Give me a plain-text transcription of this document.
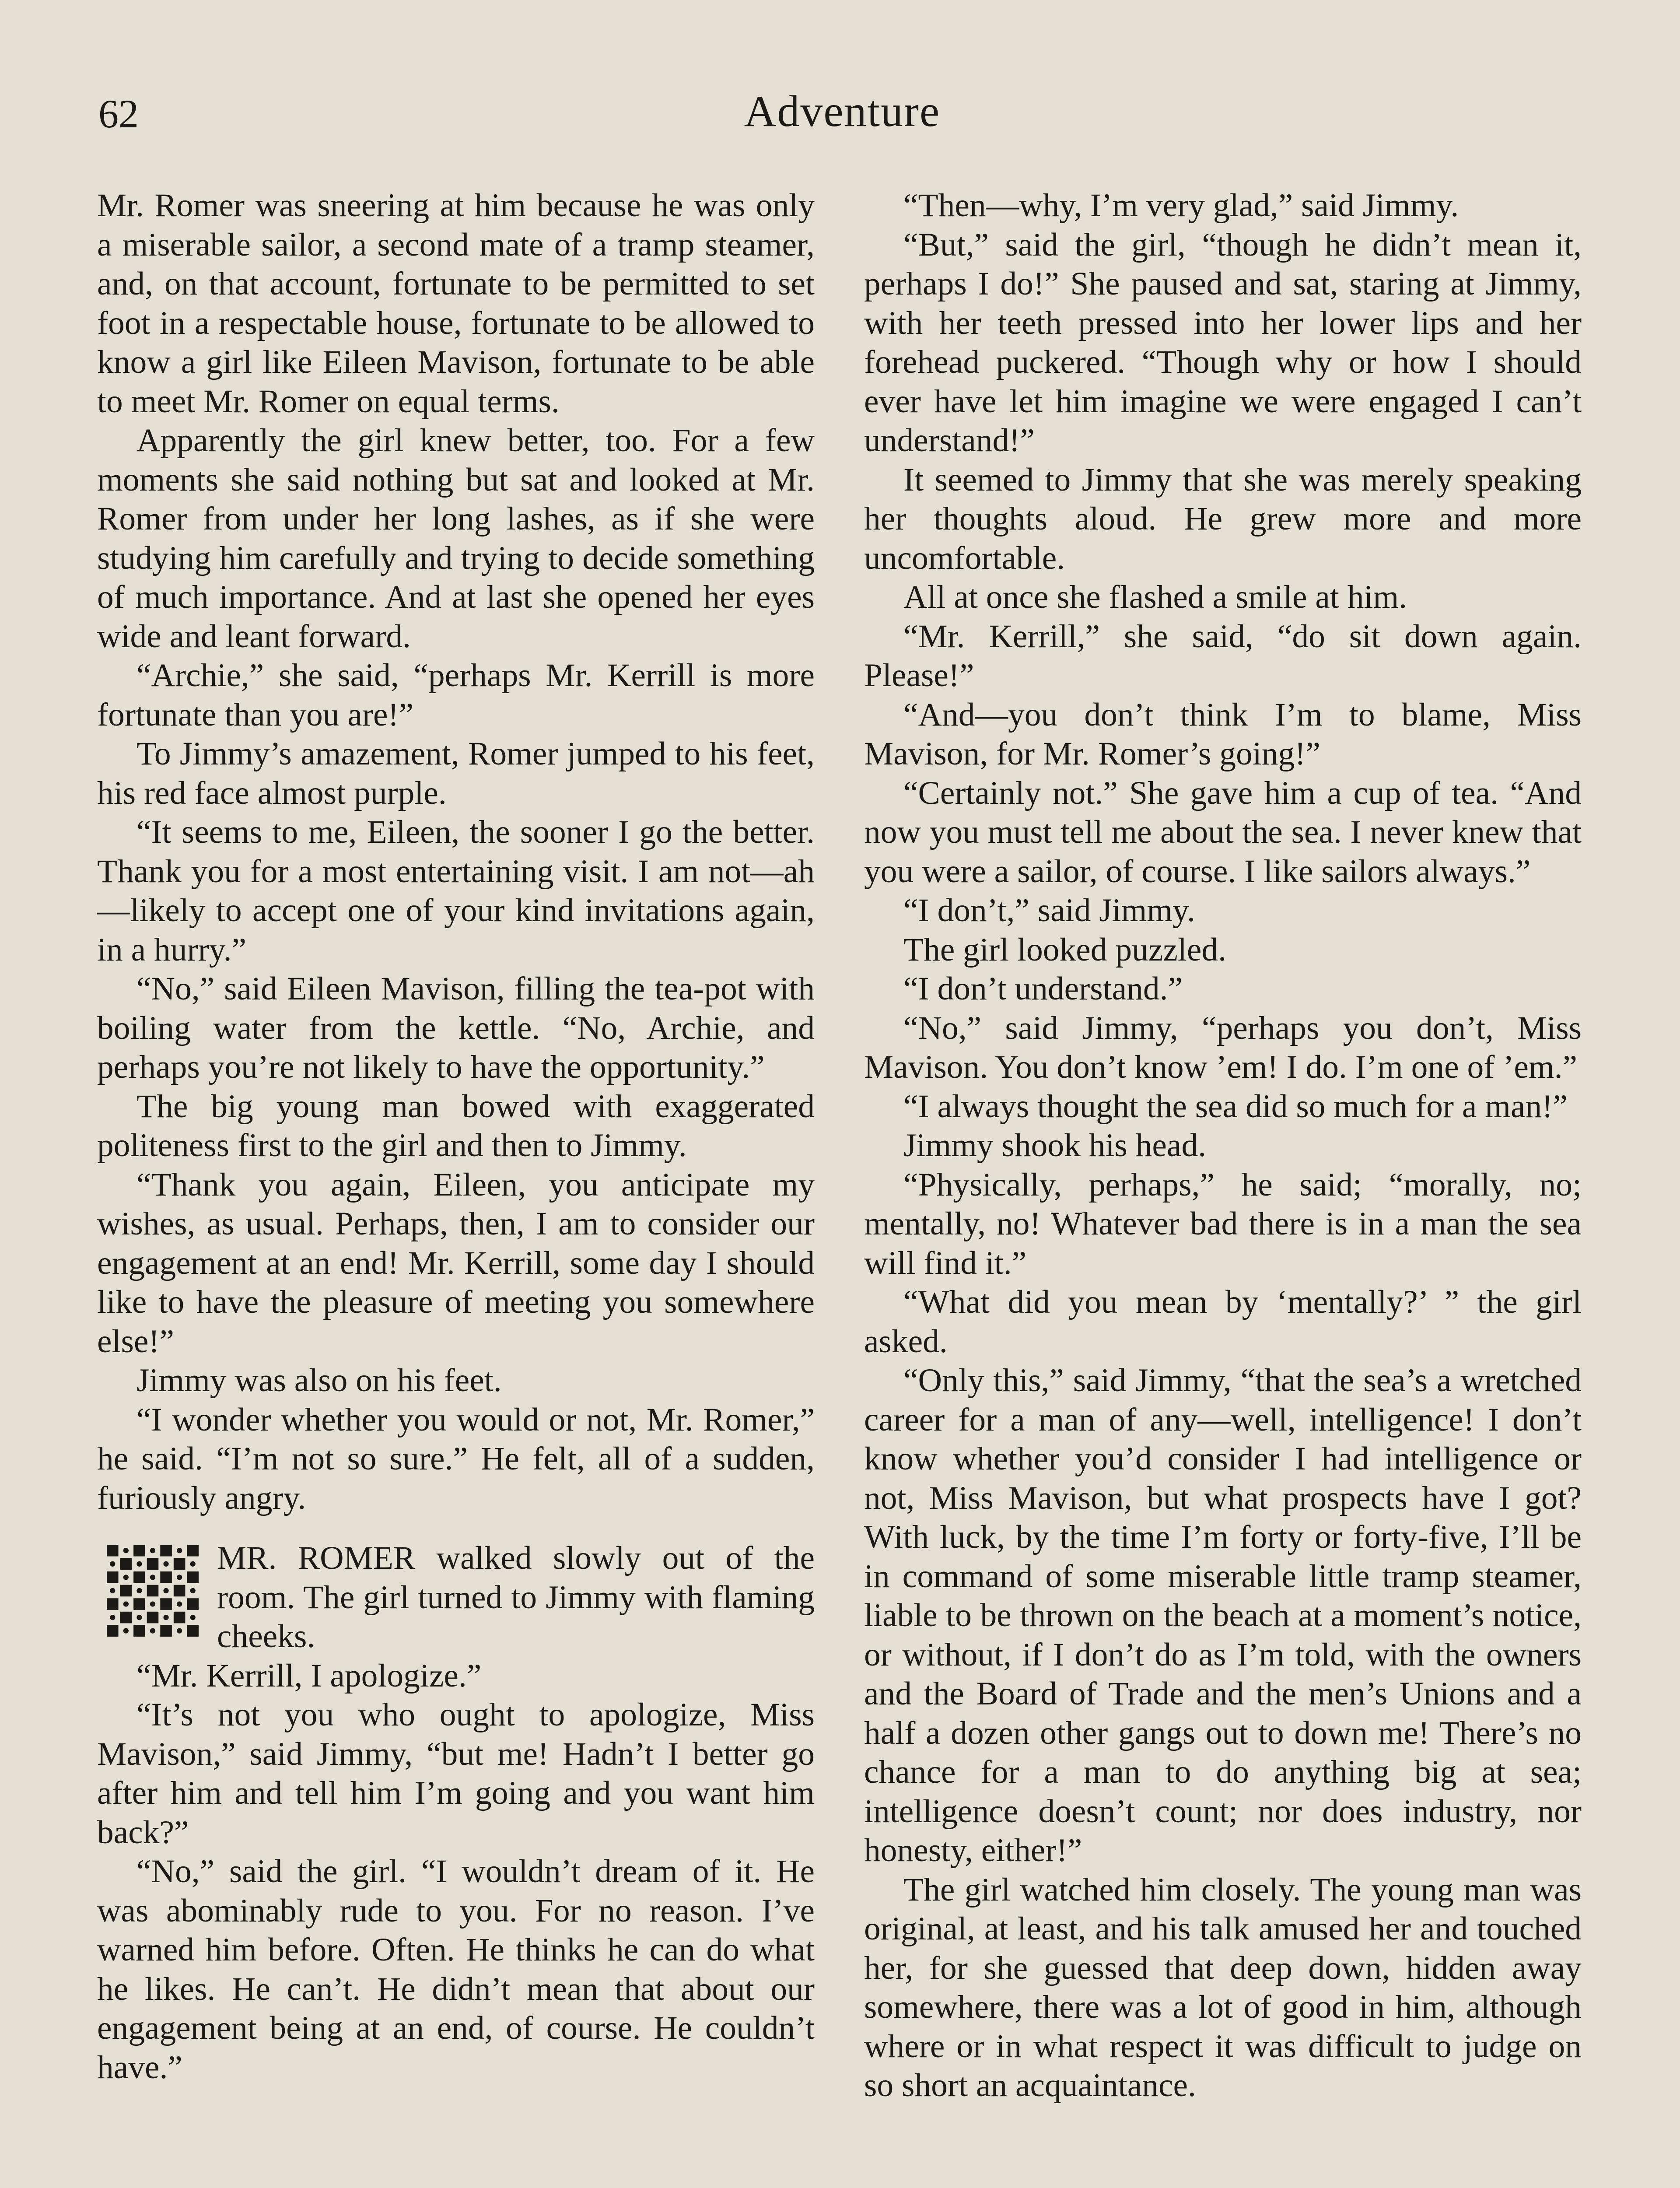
62	Adventure

Mr. Romer was sneering at him because he was only a miserable sailor, a second mate of a tramp steamer, and, on that account, fortunate to be permitted to set foot in a respectable house, fortunate to be allowed to know a girl like Eileen Mavison, fortunate to be able to meet Mr. Romer on equal terms.

Apparently the girl knew better, too. For a few moments she said nothing but sat and looked at Mr. Romer from under her long lashes, as if she were studying him carefully and trying to decide something of much importance. And at last she opened her eyes wide and leant forward.

“Archie,” she said, “perhaps Mr. Kerrill is more fortunate than you are!”

To Jimmy’s amazement, Romer jumped to his feet, his red face almost purple.

“It seems to me, Eileen, the sooner I go the better. Thank you for a most entertaining visit. I am not—ah—likely to accept one of your kind invitations again, in a hurry.”

“No,” said Eileen Mavison, filling the tea-pot with boiling water from the kettle. “No, Archie, and perhaps you’re not likely to have the opportunity.”

The big young man bowed with exaggerated politeness first to the girl and then to Jimmy.

“Thank you again, Eileen, you anticipate my wishes, as usual. Perhaps, then, I am to consider our engagement at an end! Mr. Kerrill, some day I should like to have the pleasure of meeting you somewhere else!”

Jimmy was also on his feet.

“I wonder whether you would or not, Mr. Romer,” he said. “I’m not so sure.” He felt, all of a sudden, furiously angry.

MR. ROMER walked slowly out of the room. The girl turned to Jimmy with flaming cheeks.

“Mr. Kerrill, I apologize.”

“It’s not you who ought to apologize, Miss Mavison,” said Jimmy, “but me! Hadn’t I better go after him and tell him I’m going and you want him back?”

“No,” said the girl. “I wouldn’t dream of it. He was abominably rude to you. For no reason. I’ve warned him before. Often. He thinks he can do what he likes. He can’t. He didn’t mean that about our engagement being at an end, of course. He couldn’t have.”

“Then—why, I’m very glad,” said Jimmy.

“But,” said the girl, “though he didn’t mean it, perhaps I do!” She paused and sat, staring at Jimmy, with her teeth pressed into her lower lips and her forehead puckered. “Though why or how I should ever have let him imagine we were engaged I can’t understand!”

It seemed to Jimmy that she was merely speaking her thoughts aloud. He grew more and more uncomfortable.

All at once she flashed a smile at him.

“Mr. Kerrill,” she said, “do sit down again. Please!”

“And—you don’t think I’m to blame, Miss Mavison, for Mr. Romer’s going!”

“Certainly not.” She gave him a cup of tea. “And now you must tell me about the sea. I never knew that you were a sailor, of course. I like sailors always.”

“I don’t,” said Jimmy.

The girl looked puzzled.

“I don’t understand.”

“No,” said Jimmy, “perhaps you don’t, Miss Mavison. You don’t know ’em! I do. I’m one of ’em.”

“I always thought the sea did so much for a man!”

Jimmy shook his head.

“Physically, perhaps,” he said; “morally, no; mentally, no! Whatever bad there is in a man the sea will find it.”

“What did you mean by ‘mentally?’ ” the girl asked.

“Only this,” said Jimmy, “that the sea’s a wretched career for a man of any—well, intelligence! I don’t know whether you’d consider I had intelligence or not, Miss Mavison, but what prospects have I got? With luck, by the time I’m forty or forty-five, I’ll be in command of some miserable little tramp steamer, liable to be thrown on the beach at a moment’s notice, or without, if I don’t do as I’m told, with the owners and the Board of Trade and the men’s Unions and a half a dozen other gangs out to down me! There’s no chance for a man to do anything big at sea; intelligence doesn’t count; nor does industry, nor honesty, either!”

The girl watched him closely. The young man was original, at least, and his talk amused her and touched her, for she guessed that deep down, hidden away somewhere, there was a lot of good in him, although where or in what respect it was difficult to judge on so short an acquaintance.
